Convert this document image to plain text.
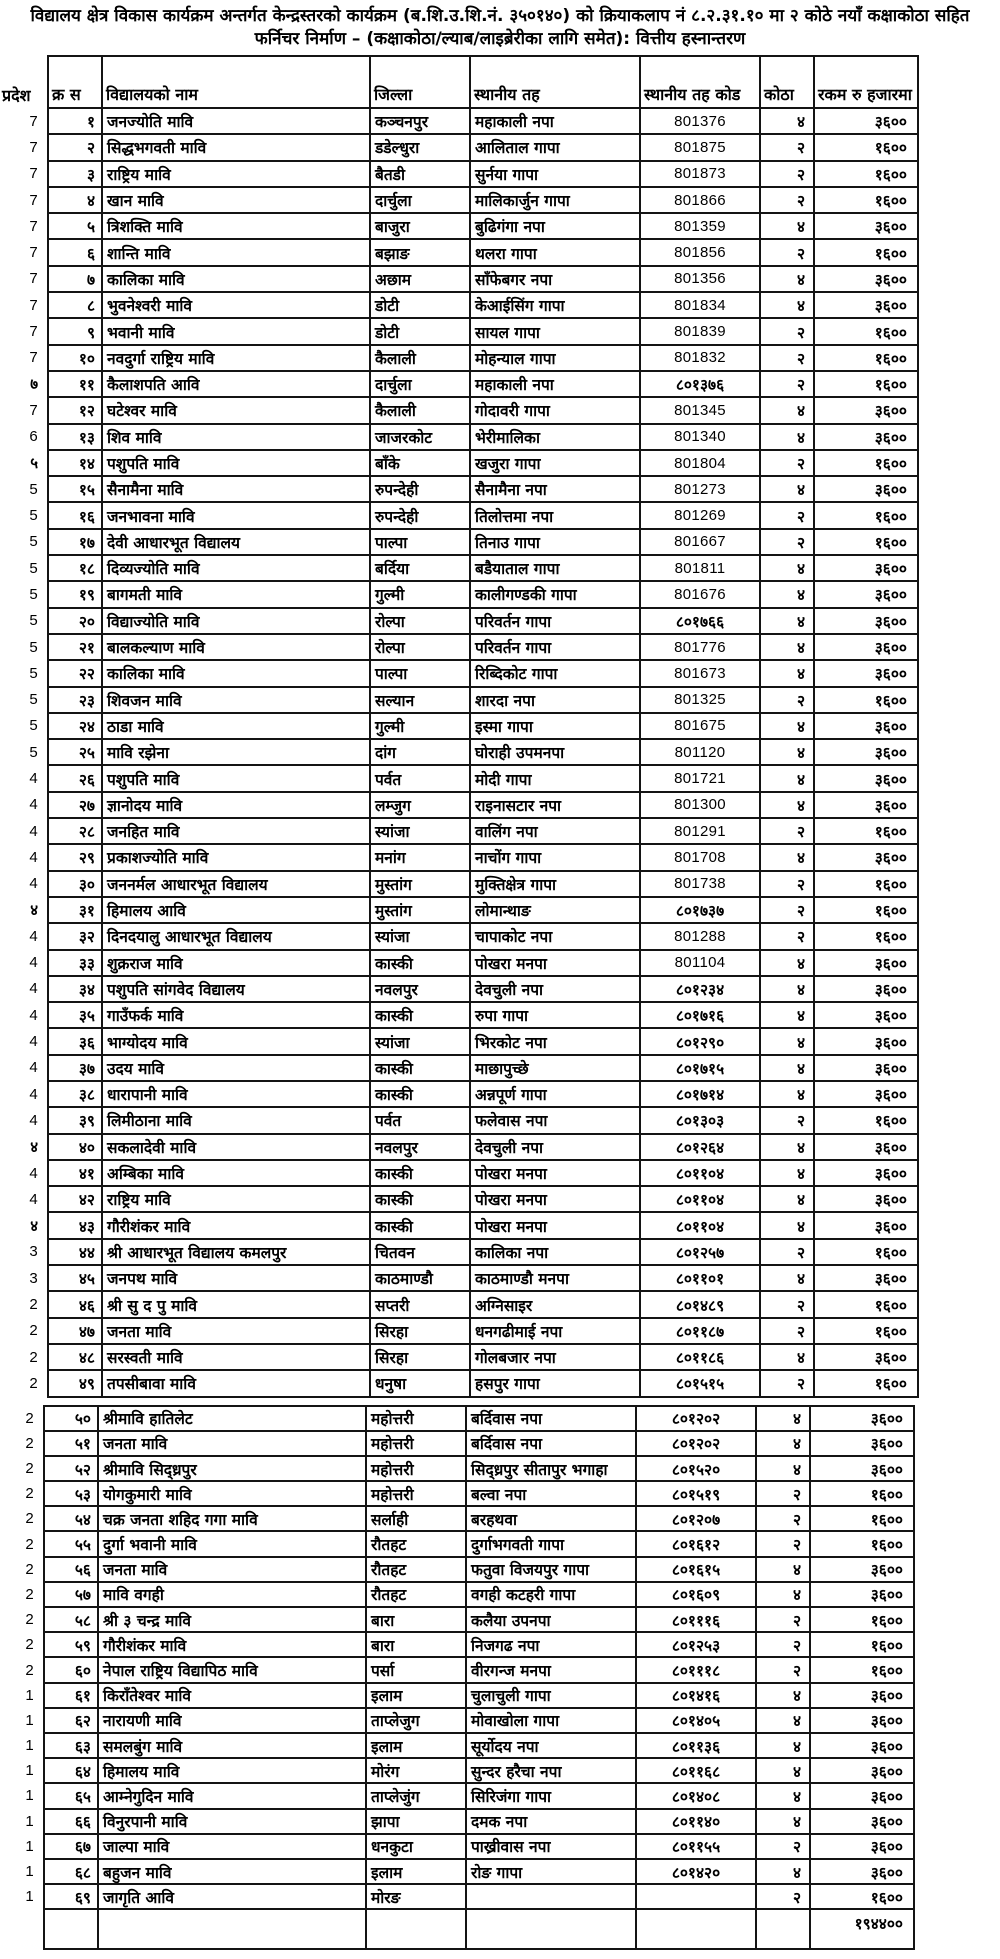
विद्यालय क्षेत्र विकास कार्यक्रम अन्तर्गत केन्द्रस्तरको कार्यक्रम (ब.शि.उ.शि.नं. ३५०१४०) को क्रियाकलाप नं ८.२.३१.१० मा २ कोठे नयाँ कक्षाकोठा सहित
फर्निचर निर्माण – (कक्षाकोठा/ल्याब/लाइब्रेरीका लागि समेत): वित्तीय हस्नान्तरण
प्रदेश	क्र स	विद्यालयको नाम	जिल्ला	स्थानीय तह	स्थानीय तह कोड	कोठा	रकम रु हजारमा
7	१	जनज्योति मावि	कञ्चनपुर	महाकाली नपा	801376	४	३६००
7	२	सिद्धभगवती मावि	डडेल्धुरा	आलिताल गापा	801875	२	१६००
7	३	राष्ट्रिय मावि	बैतडी	सुर्नया गापा	801873	२	१६००
7	४	खान मावि	दार्चुला	मालिकार्जुन गापा	801866	२	१६००
7	५	त्रिशक्ति मावि	बाजुरा	बुढिगंगा नपा	801359	४	३६००
7	६	शान्ति मावि	बझाङ	थलरा गापा	801856	२	१६००
7	७	कालिका मावि	अछाम	साँफेबगर नपा	801356	४	३६००
7	८	भुवनेश्वरी मावि	डोटी	केआईसिंग गापा	801834	४	३६००
7	९	भवानी मावि	डोटी	सायल गापा	801839	२	१६००
7	१०	नवदुर्गा राष्ट्रिय मावि	कैलाली	मोहन्याल गापा	801832	२	१६००
७	११	कैलाशपति आवि	दार्चुला	महाकाली नपा	८०१३७६	२	१६००
7	१२	घटेश्वर मावि	कैलाली	गोदावरी गापा	801345	४	३६००
6	१३	शिव मावि	जाजरकोट	भेरीमालिका	801340	४	३६००
५	१४	पशुपति मावि	बाँके	खजुरा गापा	801804	२	१६००
5	१५	सैनामैना मावि	रुपन्देही	सैनामैना नपा	801273	४	३६००
5	१६	जनभावना मावि	रुपन्देही	तिलोत्तमा नपा	801269	२	१६००
5	१७	देवी आधारभूत विद्यालय	पाल्पा	तिनाउ गापा	801667	२	१६००
5	१८	दिव्यज्योति मावि	बर्दिया	बडैयाताल गापा	801811	४	३६००
5	१९	बागमती मावि	गुल्मी	कालीगण्डकी गापा	801676	४	३६००
5	२०	विद्याज्योति मावि	रोल्पा	परिवर्तन गापा	८०१७६६	४	३६००
5	२१	बालकल्याण मावि	रोल्पा	परिवर्तन गापा	801776	४	३६००
5	२२	कालिका मावि	पाल्पा	रिब्दिकोट गापा	801673	४	३६००
5	२३	शिवजन मावि	सल्यान	शारदा नपा	801325	२	१६००
5	२४	ठाडा मावि	गुल्मी	इस्मा गापा	801675	४	३६००
5	२५	मावि रझेना	दांग	घोराही उपमनपा	801120	४	३६००
4	२६	पशुपति मावि	पर्वत	मोदी गापा	801721	४	३६००
4	२७	ज्ञानोदय मावि	लम्जुग	राइनासटार नपा	801300	४	३६००
4	२८	जनहित मावि	स्यांजा	वालिंग नपा	801291	२	१६००
4	२९	प्रकाशज्योति मावि	मनांग	नाचोंग गापा	801708	४	३६००
4	३०	जननर्मल आधारभूत विद्यालय	मुस्तांग	मुक्तिक्षेत्र गापा	801738	२	१६००
४	३१	हिमालय आवि	मुस्तांग	लोमान्थाङ	८०१७३७	२	१६००
4	३२	दिनदयालु आधारभूत विद्यालय	स्यांजा	चापाकोट नपा	801288	२	१६००
4	३३	शुक्रराज मावि	कास्की	पोखरा मनपा	801104	४	३६००
4	३४	पशुपति सांगवेद विद्यालय	नवलपुर	देवचुली नपा	८०१२३४	४	३६००
4	३५	गाउँफर्क मावि	कास्की	रुपा गापा	८०१७१६	४	३६००
4	३६	भाग्योदय मावि	स्यांजा	भिरकोट नपा	८०१२९०	४	३६००
4	३७	उदय मावि	कास्की	माछापुच्छे	८०१७१५	४	३६००
4	३८	धारापानी मावि	कास्की	अन्नपूर्ण गापा	८०१७१४	४	३६००
4	३९	लिमीठाना मावि	पर्वत	फलेवास नपा	८०१३०३	२	१६००
४	४०	सकलादेवी मावि	नवलपुर	देवचुली नपा	८०१२६४	४	३६००
4	४१	अम्बिका मावि	कास्की	पोखरा मनपा	८०११०४	४	३६००
4	४२	राष्ट्रिय मावि	कास्की	पोखरा मनपा	८०११०४	४	३६००
४	४३	गौरीशंकर मावि	कास्की	पोखरा मनपा	८०११०४	४	३६००
3	४४	श्री आधारभूत विद्यालय कमलपुर	चितवन	कालिका नपा	८०१२५७	२	१६००
3	४५	जनपथ मावि	काठमाण्डौ	काठमाण्डौ मनपा	८०११०१	४	३६००
2	४६	श्री सु द पु मावि	सप्तरी	अग्निसाइर	८०१४८९	२	१६००
2	४७	जनता मावि	सिरहा	धनगढीमाई नपा	८०११८७	२	१६००
2	४८	सरस्वती मावि	सिरहा	गोलबजार नपा	८०११८६	४	३६००
2	४९	तपसीबावा मावि	धनुषा	हसपुर गापा	८०१५१५	२	१६००
2	५०	श्रीमावि हातिलेट	महोत्तरी	बर्दिवास नपा	८०१२०२	४	३६००
2	५१	जनता मावि	महोत्तरी	बर्दिवास नपा	८०१२०२	४	३६००
2	५२	श्रीमावि सिद्ध्रपुर	महोत्तरी	सिद्ध्रपुर सीतापुर भगाहा	८०१५२०	४	३६००
2	५३	योगकुमारी मावि	महोत्तरी	बल्वा नपा	८०१५१९	२	१६००
2	५४	चक्र जनता शहिद गगा मावि	सर्लाही	बरहथवा	८०१२०७	२	१६००
2	५५	दुर्गा भवानी मावि	रौतहट	दुर्गाभगवती गापा	८०१६१२	२	१६००
2	५६	जनता मावि	रौतहट	फतुवा विजयपुर गापा	८०१६१५	४	३६००
2	५७	मावि वगही	रौतहट	वगही कटहरी गापा	८०१६०९	४	३६००
2	५८	श्री ३ चन्द्र मावि	बारा	कलैया उपनपा	८०१११६	२	१६००
2	५९	गौरीशंकर मावि	बारा	निजगढ नपा	८०१२५३	२	१६००
2	६०	नेपाल राष्ट्रिय विद्यापिठ मावि	पर्सा	वीरगन्ज मनपा	८०१११८	२	१६००
1	६१	किराँतेश्वर मावि	इलाम	चुलाचुली गापा	८०१४१६	४	३६००
1	६२	नारायणी मावि	ताप्लेजुग	मोवाखोला गापा	८०१४०५	४	३६००
1	६३	समलबुंग मावि	इलाम	सूर्योदय नपा	८०११३६	४	३६००
1	६४	हिमालय मावि	मोरंग	सुन्दर हरैचा नपा	८०११६८	४	३६००
1	६५	आम्नेगुदिन मावि	ताप्लेजुंग	सिरिजंगा गापा	८०१४०८	४	३६००
1	६६	विनुरपानी मावि	झापा	दमक नपा	८०११४०	४	३६००
1	६७	जाल्पा मावि	धनकुटा	पाख्रीवास नपा	८०११५५	२	३६००
1	६८	बहुजन मावि	इलाम	रोङ गापा	८०१४२०	४	३६००
1	६९	जागृति आवि	मोरङ			२	१६००
							१९४४००
